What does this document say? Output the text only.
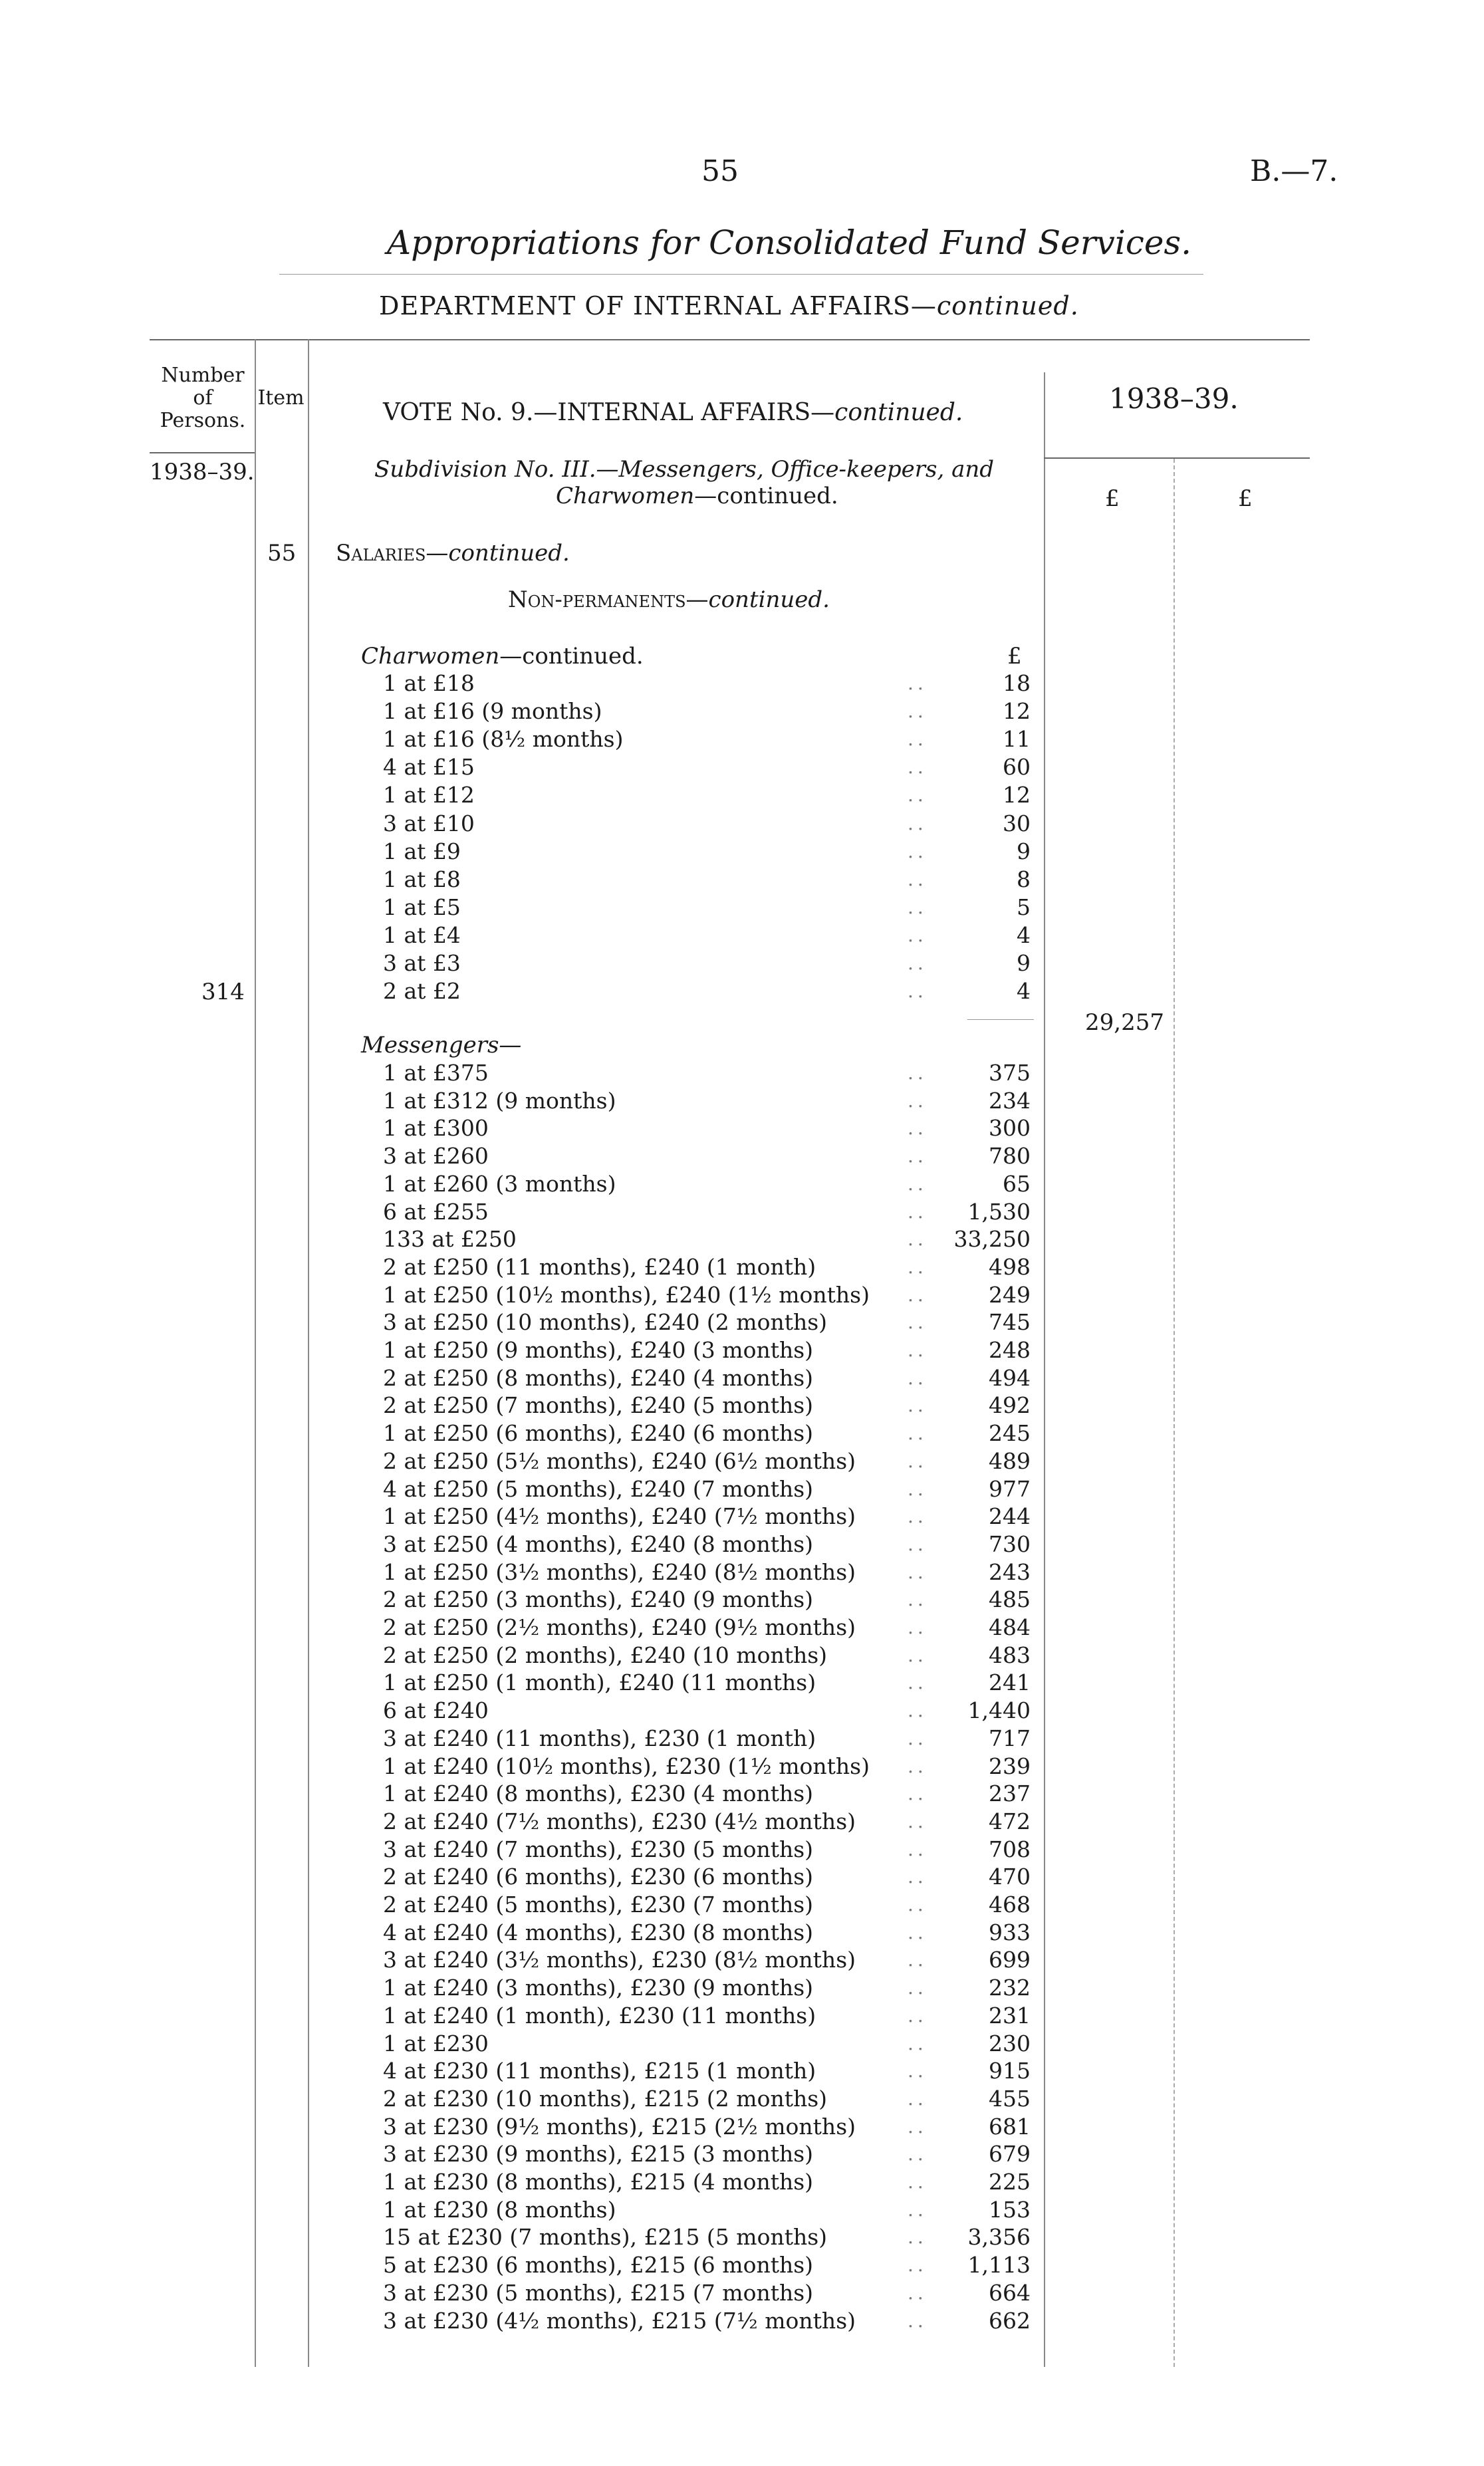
55	B.—7.
Appropriations for Consolidated Fund Services.
DEPARTMENT OF INTERNAL AFFAIRS—continued.
Number of Persons.
Item	1938–39.
1938–39.
£	£
VOTE No. 9.—INTERNAL AFFAIRS—continued.
Subdivision No. III.—Messengers, Office-keepers, and
Charwomen—continued.
55 Salaries—continued.
Non-permanents—continued.
Charwomen—continued.	£
1 at £18	..	18
1 at £16 (9 months)	..	12
1 at £16 (8½ months)	..	11
4 at £15	..	60
1 at £12	..	12
3 at £10	..	30
1 at £9	..	9
1 at £8	..	8
1 at £5	..	5
1 at £4	..	4
3 at £3	..	9
2 at £2	..	4
314
29,257
Messengers—
1 at £375	..	375
1 at £312 (9 months)	..	234
1 at £300	..	300
3 at £260	..	780
1 at £260 (3 months)	..	65
6 at £255	..	1,530
133 at £250	.. 33,250
2 at £250 (11 months), £240 (1 month)	..	498
1 at £250 (10½ months), £240 (1½ months) ..	249
3 at £250 (10 months), £240 (2 months)	..	745
1 at £250 (9 months), £240 (3 months)	..	248
2 at £250 (8 months), £240 (4 months)	..	494
2 at £250 (7 months), £240 (5 months)	..	492
1 at £250 (6 months), £240 (6 months)	..	245
2 at £250 (5½ months), £240 (6½ months)	..	489
4 at £250 (5 months), £240 (7 months)	..	977
1 at £250 (4½ months), £240 (7½ months)	..	244
3 at £250 (4 months), £240 (8 months)	..	730
1 at £250 (3½ months), £240 (8½ months)	..	243
2 at £250 (3 months), £240 (9 months)	..	485
2 at £250 (2½ months), £240 (9½ months)	..	484
2 at £250 (2 months), £240 (10 months)	..	483
1 at £250 (1 month), £240 (11 months)	..	241
6 at £240	..	1,440
3 at £240 (11 months), £230 (1 month)	..	717
1 at £240 (10½ months), £230 (1½ months) ..	239
1 at £240 (8 months), £230 (4 months)	..	237
2 at £240 (7½ months), £230 (4½ months)	..	472
3 at £240 (7 months), £230 (5 months)	..	708
2 at £240 (6 months), £230 (6 months)	..	470
2 at £240 (5 months), £230 (7 months)	..	468
4 at £240 (4 months), £230 (8 months)	..	933
3 at £240 (3½ months), £230 (8½ months)	..	699
1 at £240 (3 months), £230 (9 months)	..	232
1 at £240 (1 month), £230 (11 months)	..	231
1 at £230	..	230
4 at £230 (11 months), £215 (1 month)	..	915
2 at £230 (10 months), £215 (2 months)	..	455
3 at £230 (9½ months), £215 (2½ months)	..	681
3 at £230 (9 months), £215 (3 months)	..	679
1 at £230 (8 months), £215 (4 months)	..	225
1 at £230 (8 months)	..	153
15 at £230 (7 months), £215 (5 months)	..	3,356
5 at £230 (6 months), £215 (6 months)	..	1,113
3 at £230 (5 months), £215 (7 months)	..	664
3 at £230 (4½ months), £215 (7½ months)	..	662
